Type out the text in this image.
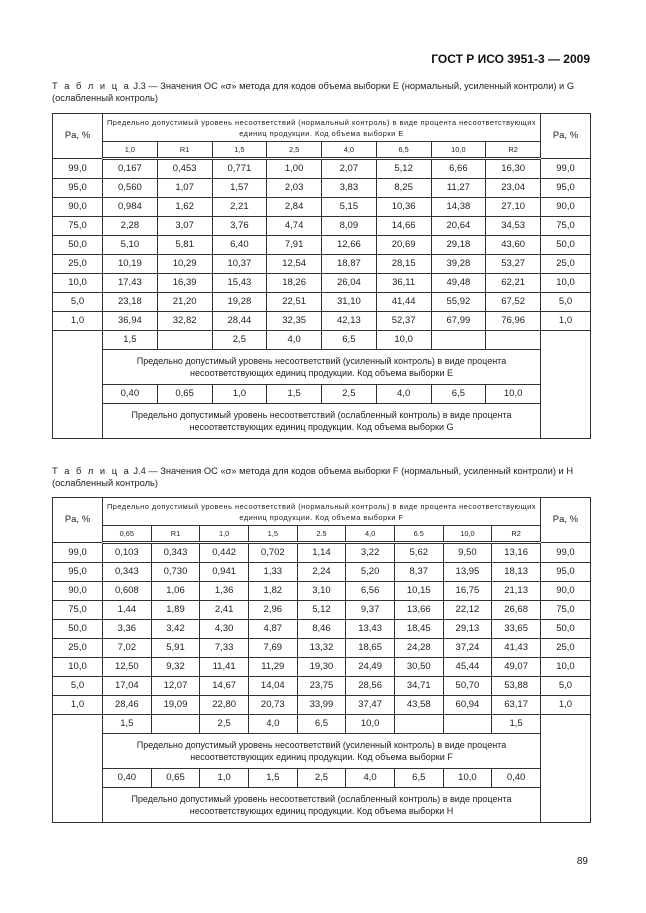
ГОСТ Р ИСО 3951-3 — 2009
Т а б л и ц а J.3 — Значения ОС «σ» метода для кодов объема выборки E (нормальный, усиленный контроли) и G (ослабленный контроль)
Pa, %	Предельно допустимый уровень несоответствий (нормальный контроль) в виде процента несоответствующих единиц продукции. Код объема выборки E								Pa, %
	1,0	R1	1,5	2,5	4,0	6,5	10,0	R2	
99,0	0,167	0,453	0,771	1,00	2,07	5,12	6,66	16,30	99,0
95,0	0,560	1,07	1,57	2,03	3,83	8,25	11,27	23,04	95,0
90,0	0,984	1,62	2,21	2,84	5,15	10,36	14,38	27,10	90,0
75,0	2,28	3,07	3,76	4,74	8,09	14,66	20,64	34,53	75,0
50,0	5,10	5,81	6,40	7,91	12,66	20,69	29,18	43,60	50,0
25,0	10,19	10,29	10,37	12,54	18,87	28,15	39,28	53,27	25,0
10,0	17,43	16,39	15,43	18,26	26,04	36,11	49,48	62,21	10,0
5,0	23,18	21,20	19,28	22,51	31,10	41,44	55,92	67,52	5,0
1,0	36,94	32,82	28,44	32,35	42,13	52,37	67,99	76,96	1,0
	1,5		2,5	4,0	6,5	10,0			
	Предельно допустимый уровень несоответствий (усиленный контроль) в виде процента несоответствующих единиц продукции. Код объема выборки E								
	0,40	0,65	1,0	1,5	2,5	4,0	6,5	10,0	
	Предельно допустимый уровень несоответствий (ослабленный контроль) в виде процента несоответствующих единиц продукции. Код объема выборки G								
Т а б л и ц а J.4 — Значения ОС «σ» метода для кодов объема выборки F (нормальный, усиленный контроли) и H (ослабленный контроль)
Pa, %	Предельно допустимый уровень несоответствий (нормальный контроль) в виде процента несоответствующих единиц продукции. Код объема выборки F									Pa, %
	0,65	R1	1,0	1,5	2.5	4,0	6.5	10,0	R2	
99,0	0,103	0,343	0,442	0,702	1,14	3,22	5,62	9,50	13,16	99,0
95,0	0,343	0,730	0,941	1,33	2,24	5,20	8,37	13,95	18,13	95,0
90,0	0,608	1,06	1,36	1,82	3,10	6,56	10,15	16,75	21,13	90,0
75,0	1,44	1,89	2,41	2,96	5,12	9,37	13,66	22,12	26,68	75,0
50,0	3,36	3,42	4,30	4,87	8,46	13,43	18,45	29,13	33,65	50,0
25,0	7,02	5,91	7,33	7,69	13,32	18,65	24,28	37,24	41,43	25,0
10,0	12,50	9,32	11,41	11,29	19,30	24,49	30,50	45,44	49,07	10,0
5,0	17,04	12,07	14,67	14,04	23,75	28,56	34,71	50,70	53,88	5,0
1,0	28,46	19,09	22,80	20,73	33,99	37,47	43,58	60,94	63,17	1,0
	1,5		2,5	4,0	6,5	10,0			1,5	
	Предельно допустимый уровень несоответствий (усиленный контроль) в виде процента несоответствующих единиц продукции. Код объема выборки F									
	0,40	0,65	1,0	1,5	2,5	4,0	6,5	10,0	0,40	
	Предельно допустимый уровень несоответствий (ослабленный контроль) в виде процента несоответствующих единиц продукции. Код объема выборки H									
89
